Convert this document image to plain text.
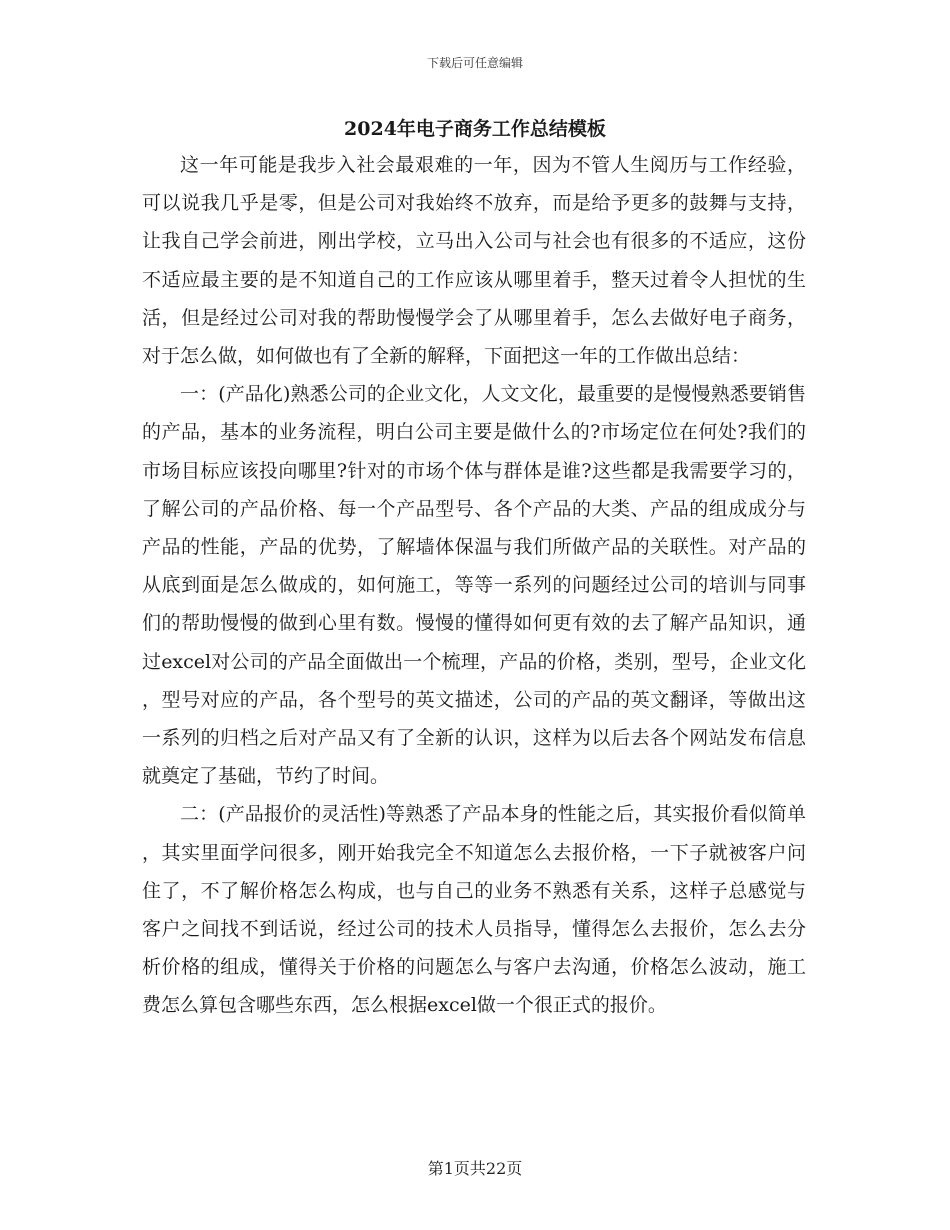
下载后可任意编辑
2024年电子商务工作总结模板

这一年可能是我步入社会最艰难的一年，因为不管人生阅历与工作经验，可以说我几乎是零，但是公司对我始终不放弃，而是给予更多的鼓舞与支持，让我自己学会前进，刚出学校，立马出入公司与社会也有很多的不适应，这份不适应最主要的是不知道自己的工作应该从哪里着手，整天过着令人担忧的生活，但是经过公司对我的帮助慢慢学会了从哪里着手，怎么去做好电子商务，对于怎么做，如何做也有了全新的解释，下面把这一年的工作做出总结：

一：(产品化)熟悉公司的企业文化，人文文化，最重要的是慢慢熟悉要销售的产品，基本的业务流程，明白公司主要是做什么的?市场定位在何处?我们的市场目标应该投向哪里?针对的市场个体与群体是谁?这些都是我需要学习的，了解公司的产品价格、每一个产品型号、各个产品的大类、产品的组成成分与产品的性能，产品的优势，了解墙体保温与我们所做产品的关联性。对产品的从底到面是怎么做成的，如何施工，等等一系列的问题经过公司的培训与同事们的帮助慢慢的做到心里有数。慢慢的懂得如何更有效的去了解产品知识，通过excel对公司的产品全面做出一个梳理，产品的价格，类别，型号，企业文化，型号对应的产品，各个型号的英文描述，公司的产品的英文翻译，等做出这一系列的归档之后对产品又有了全新的认识，这样为以后去各个网站发布信息就奠定了基础，节约了时间。

二：(产品报价的灵活性)等熟悉了产品本身的性能之后，其实报价看似简单，其实里面学问很多，刚开始我完全不知道怎么去报价格，一下子就被客户问住了，不了解价格怎么构成，也与自己的业务不熟悉有关系，这样子总感觉与客户之间找不到话说，经过公司的技术人员指导，懂得怎么去报价，怎么去分析价格的组成，懂得关于价格的问题怎么与客户去沟通，价格怎么波动，施工费怎么算包含哪些东西，怎么根据excel做一个很正式的报价。

第1页共22页
